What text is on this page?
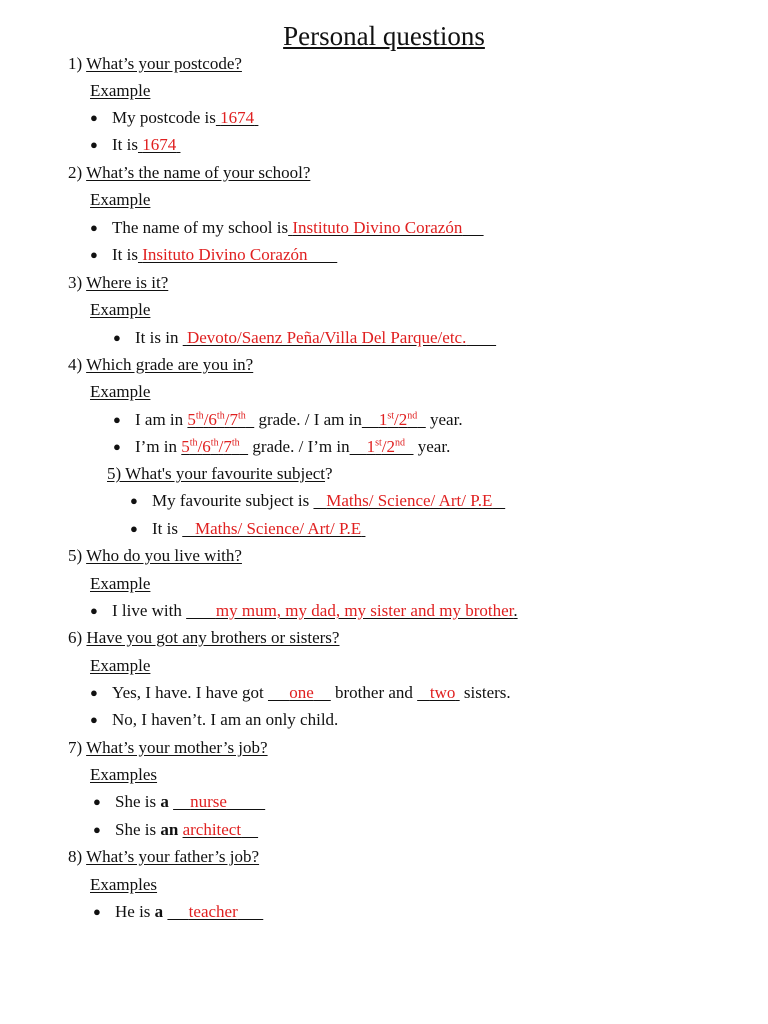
Personal questions
1) What’s your postcode?
Example
● My postcode is 1674
● It is 1674
2) What’s the name of your school?
Example
● The name of my school is Instituto Divino Corazón
● It is Insituto Divino Corazón
3) Where is it?
Example
● It is in Devoto/Saenz Peña/Villa Del Parque/etc.
4) Which grade are you in?
Example
● I am in 5th/6th/7th grade. / I am in 1st/2nd year.
● I’m in 5th/6th/7th grade. / I’m in 1st/2nd year.
5) What's your favourite subject?
● My favourite subject is Maths/ Science/ Art/ P.E
● It is Maths/ Science/ Art/ P.E
5) Who do you live with?
Example
● I live with my mum, my dad, my sister and my brother.
6) Have you got any brothers or sisters?
Example
● Yes, I have. I have got one brother and two sisters.
● No, I haven’t. I am an only child.
7) What’s your mother’s job?
Examples
● She is a nurse
● She is an architect
8) What’s your father’s job?
Examples
● He is a teacher
